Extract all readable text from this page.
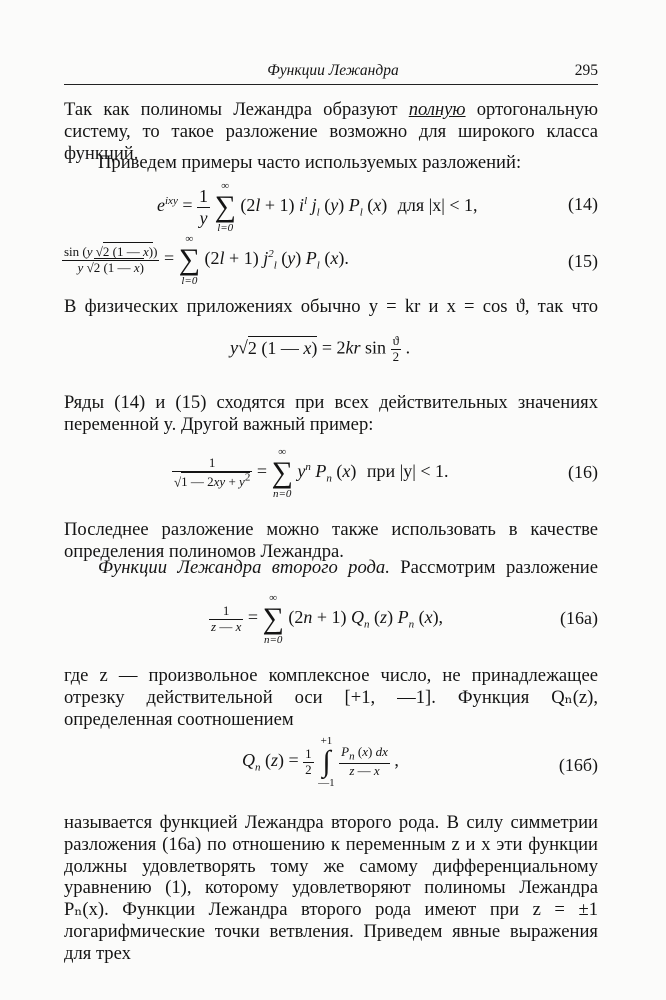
Функции Лежандра	295
Так как полиномы Лежандра образуют полную ортогональную систему, то такое разложение возможно для широкого класса функций.
Приведем примеры часто используемых разложений:
$e^{ixy} = \frac{1}{y}$
	∞
∑
l=0
(2l + 1) $i^l$ $j_l$ (y) $P_l$ (x) для |x| < 1,	(14)
$\frac{\sin (y √2 (1 — x))}{y √2 (1 — x)}$ =
∞
∑
l=0
(2l + 1) $j^2_l$ (y) $P_l$ (x).	(15)
В физических приложениях обычно y = kr и x = cos ϑ, так что
y√2 (1 — x) = 2kr $\sin \frac{ϑ}{2}$ .
Ряды (14) и (15) сходятся при всех действительных значениях переменной y. Другой важный пример:
$\frac{1}{√1 — 2xy + y^2}$ =
∞
∑
n=0
$y^n$ $P_n$ (x) при |y| < 1.	(16)
Последнее разложение можно также использовать в качестве определения полиномов Лежандра.
Функции Лежандра второго рода. Рассмотрим разложение
$\frac{1}{z — x}$ =
∞
∑
n=0
(2n + 1) $Q_n$ (z) $P_n$ (x),	(16а)
где z — произвольное комплексное число, не принадлежащее отрезку действительной оси [+1, —1]. Функция Qₙ(z), определенная соотношением
$Q_n$ $(z) = \frac{1}{2}$

+1
∫
—1

$\frac{P_n (x) dx}{z — x}$ ,	(16б)
называется функцией Лежандра второго рода. В силу симметрии разложения (16а) по отношению к переменным z и x эти функции должны удовлетворять тому же самому дифференциальному уравнению (1), которому удовлетворяют полиномы Лежандра Pₙ(x). Функции Лежандра второго рода имеют при z = ±1 логарифмические точки ветвления. Приведем явные выражения для трех
